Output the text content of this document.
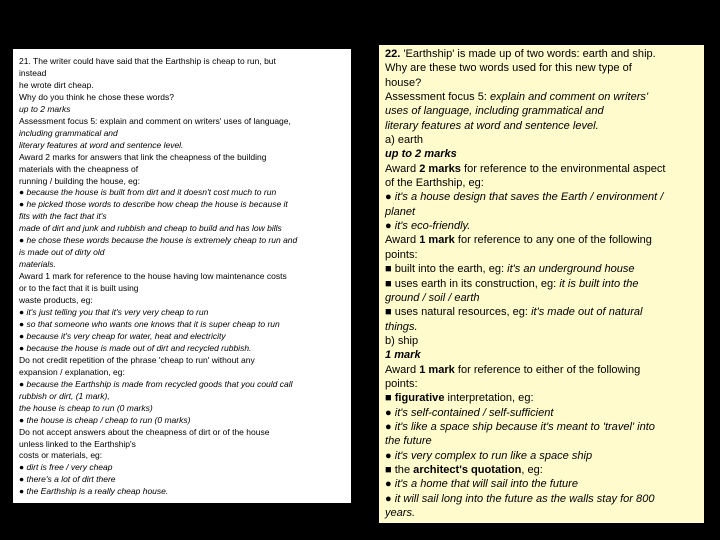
21. The writer could have said that the Earthship is cheap to run, but
instead
he wrote dirt cheap.
Why do you think he chose these words?
up to 2 marks
Assessment focus 5: explain and comment on writers' uses of language,
including grammatical and
literary features at word and sentence level.
Award 2 marks for answers that link the cheapness of the building
materials with the cheapness of
running / building the house, eg:
● because the house is built from dirt and it doesn't cost much to run
● he picked those words to describe how cheap the house is because it
fits with the fact that it's
made of dirt and junk and rubbish and cheap to build and has low bills
● he chose these words because the house is extremely cheap to run and
is made out of dirty old
materials.
Award 1 mark for reference to the house having low maintenance costs
or to the fact that it is built using
waste products, eg:
● it's just telling you that it's very very cheap to run
● so that someone who wants one knows that it is super cheap to run
● because it's very cheap for water, heat and electricity
● because the house is made out of dirt and recycled rubbish.
Do not credit repetition of the phrase 'cheap to run' without any
expansion / explanation, eg:
● because the Earthship is made from recycled goods that you could call
rubbish or dirt, (1 mark),
the house is cheap to run (0 marks)
● the house is cheap / cheap to run (0 marks)
Do not accept answers about the cheapness of dirt or of the house
unless linked to the Earthship's
costs or materials, eg:
● dirt is free / very cheap
● there's a lot of dirt there
● the Earthship is a really cheap house.
22. 'Earthship' is made up of two words: earth and ship.
Why are these two words used for this new type of
house?
Assessment focus 5: explain and comment on writers'
uses of language, including grammatical and
literary features at word and sentence level.
a) earth
up to 2 marks
Award 2 marks for reference to the environmental aspect
of the Earthship, eg:
● it's a house design that saves the Earth / environment /
planet
● it's eco-friendly.
Award 1 mark for reference to any one of the following
points:
■ built into the earth, eg: it's an underground house
■ uses earth in its construction, eg: it is built into the
ground / soil / earth
■ uses natural resources, eg: it's made out of natural
things.
b) ship
1 mark
Award 1 mark for reference to either of the following
points:
■ figurative interpretation, eg:
● it's self-contained / self-sufficient
● it's like a space ship because it's meant to 'travel' into
the future
● it's very complex to run like a space ship
■ the architect's quotation, eg:
● it's a home that will sail into the future
● it will sail long into the future as the walls stay for 800
years.
